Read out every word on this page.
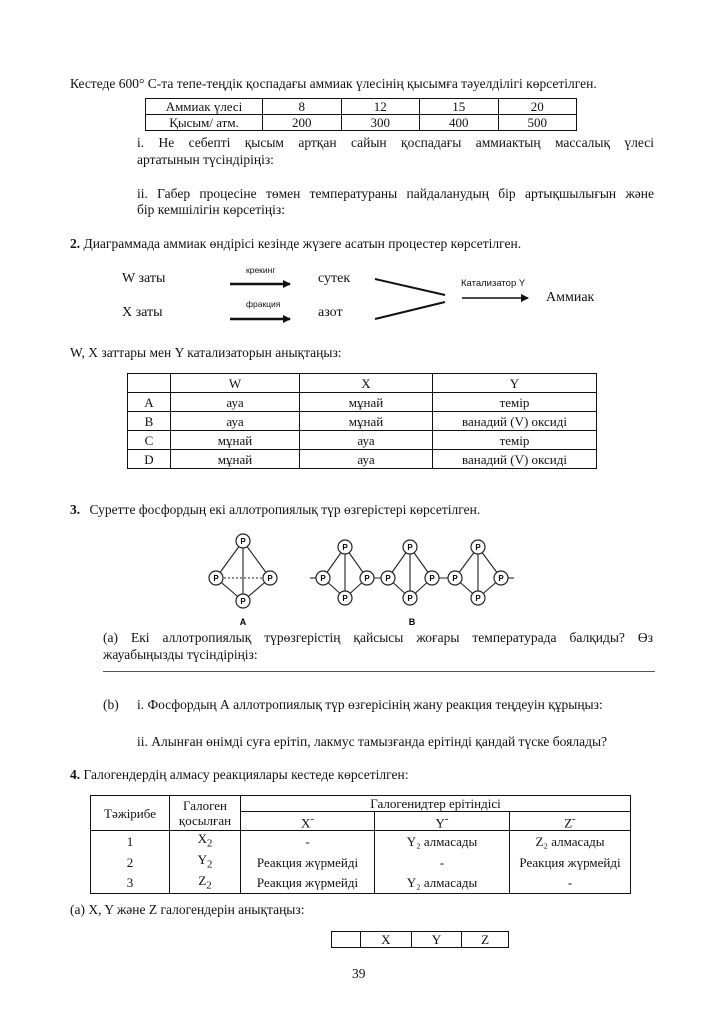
Кестеде 600° С-та тепе-теңдік қоспадағы аммиак үлесінің қысымға тәуелділігі көрсетілген.
Аммиак үлесі	8	12	15	20
Қысым/ атм.	200	300	400	500
і. Не себепті қысым артқан сайын қоспадағы аммиактың массалық үлесі
артатынын түсіндіріңіз:
іі. Габер процесіне төмен температураны пайдаланудың бір артықшылығын және
бір кемшілігін көрсетіңіз:
2. Диаграммада аммиак өндірісі кезінде жүзеге асатын процестер көрсетілген.
W заты
X заты
крекинг
фракция
сутек
азот
Катализатор Y
Аммиак
W, X заттары мен Y катализаторын анықтаңыз:
	W	X	Y
A	ауа	мұнай	темір
B	ауа	мұнай	ванадий (V) оксиді
C	мұнай	ауа	темір
D	мұнай	ауа	ванадий (V) оксиді
3. Суретте фосфордың екі аллотропиялық түр өзгерістері көрсетілген.
P
P	P
P
P
P
P
P P
P
P
P P
P
P
P
A	B
(a) Екі аллотропиялық түрөзгерістің қайсысы жоғары температурада балқиды? Өз
жауабыңызды түсіндіріңіз:
(b) і. Фосфордың А аллотропиялық түр өзгерісінің жану реакция теңдеуін құрыңыз:
іі. Алынған өнімді суға ерітіп, лакмус тамызғанда ерітінді қандай түске боялады?
4. Галогендердің алмасу реакциялары кестеде көрсетілген:
Тәжірибе	Галоген
қосылған	Галогенидтер ерітіндісі		
		X-	Y-	Z-
1	$X_2$	-	Y₂ алмасады	Z₂ алмасады
2	$Y_2$	Реакция жүрмейді	-	Реакция жүрмейді
3	$Z_2$	Реакция жүрмейді	Y₂ алмасады	-
(а) X, Y және Z галогендерін анықтаңыз:
	X	Y	Z
39
